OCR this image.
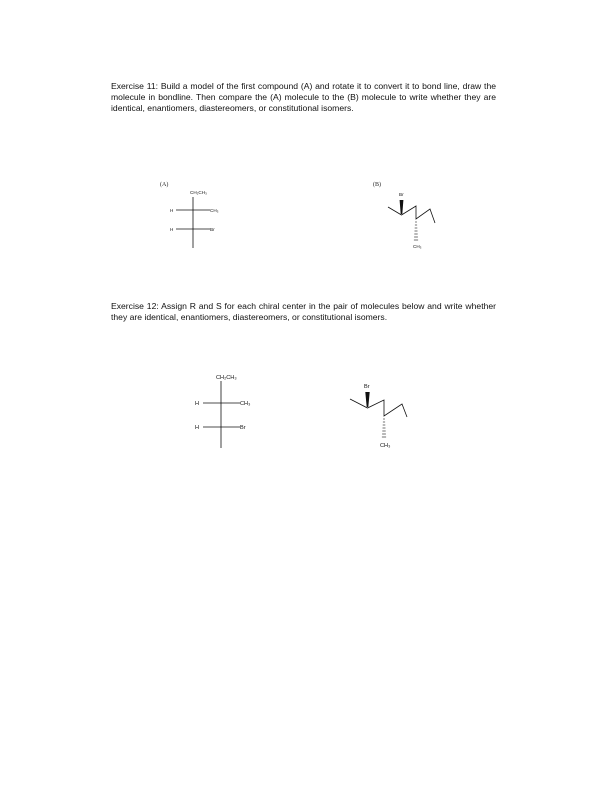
Exercise 11: Build a model of the first compound (A) and rotate it to convert it to bond line, draw the molecule in bondline. Then compare the (A) molecule to the (B) molecule to write whether they are identical, enantiomers, diastereomers, or constitutional isomers.

(A)	(B)
CH₂CH₃
H	CH₃
H	Br
Br
CH₃

Exercise 12: Assign R and S for each chiral center in the pair of molecules below and write whether they are identical, enantiomers, diastereomers, or constitutional isomers.

CH₂CH₃
H	CH₃
H	Br
Br
CH₃
